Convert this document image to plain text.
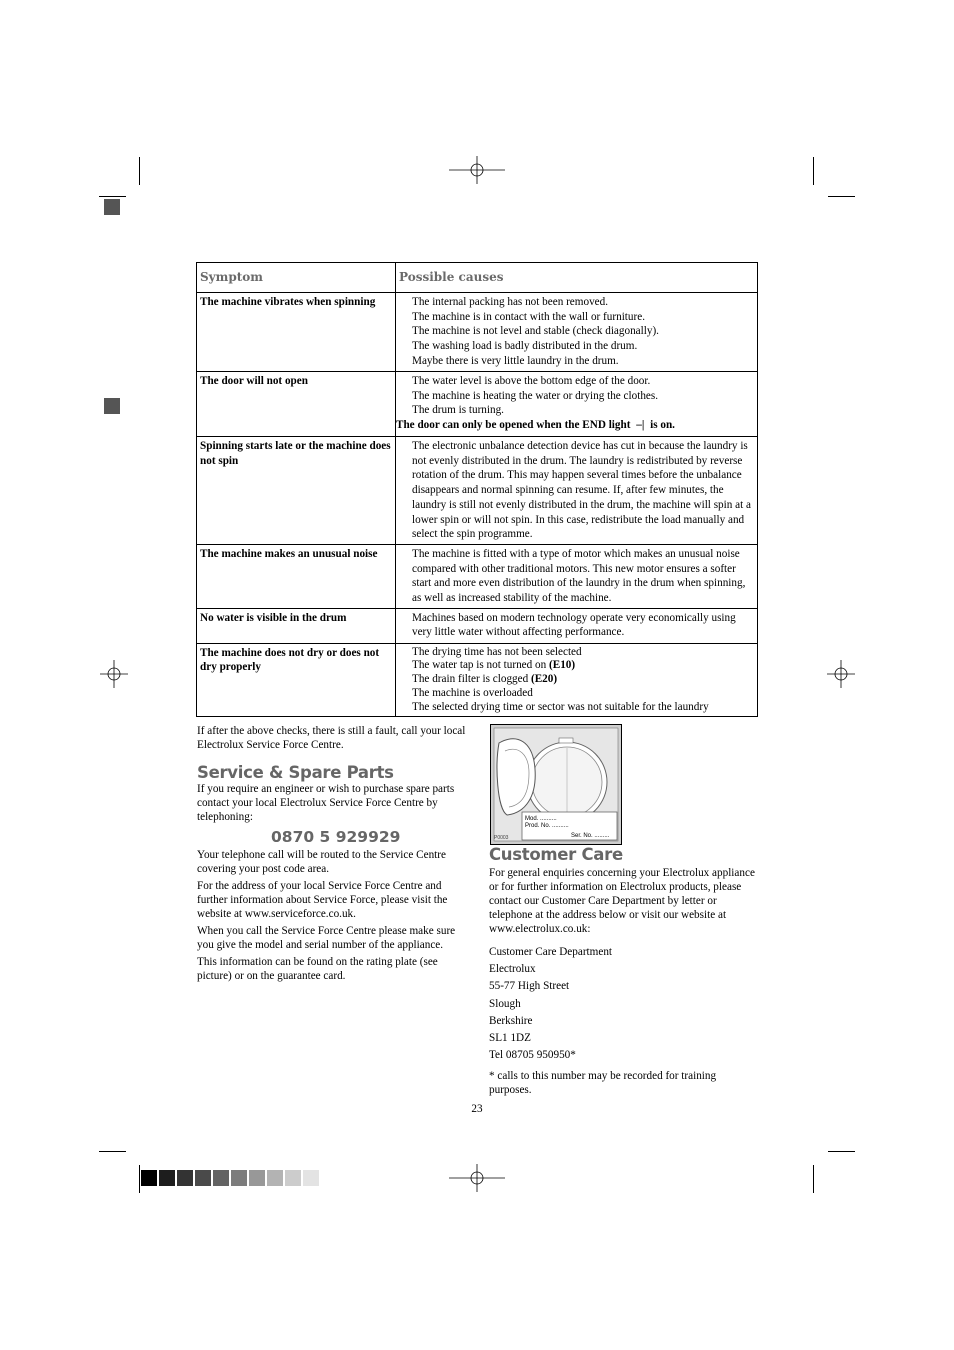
Symptom	Possible causes
The machine vibrates when spinning	The internal packing has not been removed.
The machine is in contact with the wall or furniture.
The machine is not level and stable (check diagonally).
The washing load is badly distributed in the drum.
Maybe there is very little laundry in the drum.

The door will not open	The water level is above the bottom edge of the door.
The machine is heating the water or drying the clothes.
The drum is turning.
The door can only be opened when the END light –| is on.

Spinning starts late or the machine does not spin	The electronic unbalance detection device has cut in because the laundry is not evenly distributed in the drum. The laundry is redistributed by reverse rotation of the drum. This may happen several times before the unbalance disappears and normal spinning can resume. If, after few minutes, the laundry is still not evenly distributed in the drum, the machine will spin at a lower spin or will not spin. In this case, redistribute the load manually and select the spin programme.
The machine makes an unusual noise	The machine is fitted with a type of motor which makes an unusual noise compared with other traditional motors. This new motor ensures a softer start and more even distribution of the laundry in the drum when spinning, as well as increased stability of the machine.
No water is visible in the drum	Machines based on modern technology operate very economically using very little water without affecting performance.
The machine does not dry or does not dry properly	The drying time has not been selected
The water tap is not turned on (E10)
The drain filter is clogged (E20)
The machine is overloaded
The selected drying time or sector was not suitable for the laundry

If after the above checks, there is still a fault, call your local Electrolux Service Force Centre.

Service & Spare Parts

If you require an engineer or wish to purchase spare parts contact your local Electrolux Service Force Centre by telephoning:

0870 5 929929

Your telephone call will be routed to the Service Centre covering your post code area.

For the address of your local Service Force Centre and further information about Service Force, please visit the website at www.serviceforce.co.uk.

When you call the Service Force Centre please make sure you give the model and serial number of the appliance.

This information can be found on the rating plate (see picture) or on the guarantee card.

Mod. ..........
Prod. No. ..........
Ser. No. .........
P0003
Customer Care

For general enquiries concerning your Electrolux appliance or for further information on Electrolux products, please contact our Customer Care Department by letter or telephone at the address below or visit our website at www.electrolux.co.uk:

Customer Care Department
Electrolux
55-77 High Street
Slough
Berkshire
SL1 1DZ
Tel 08705 950950*

* calls to this number may be recorded for training purposes.

23
